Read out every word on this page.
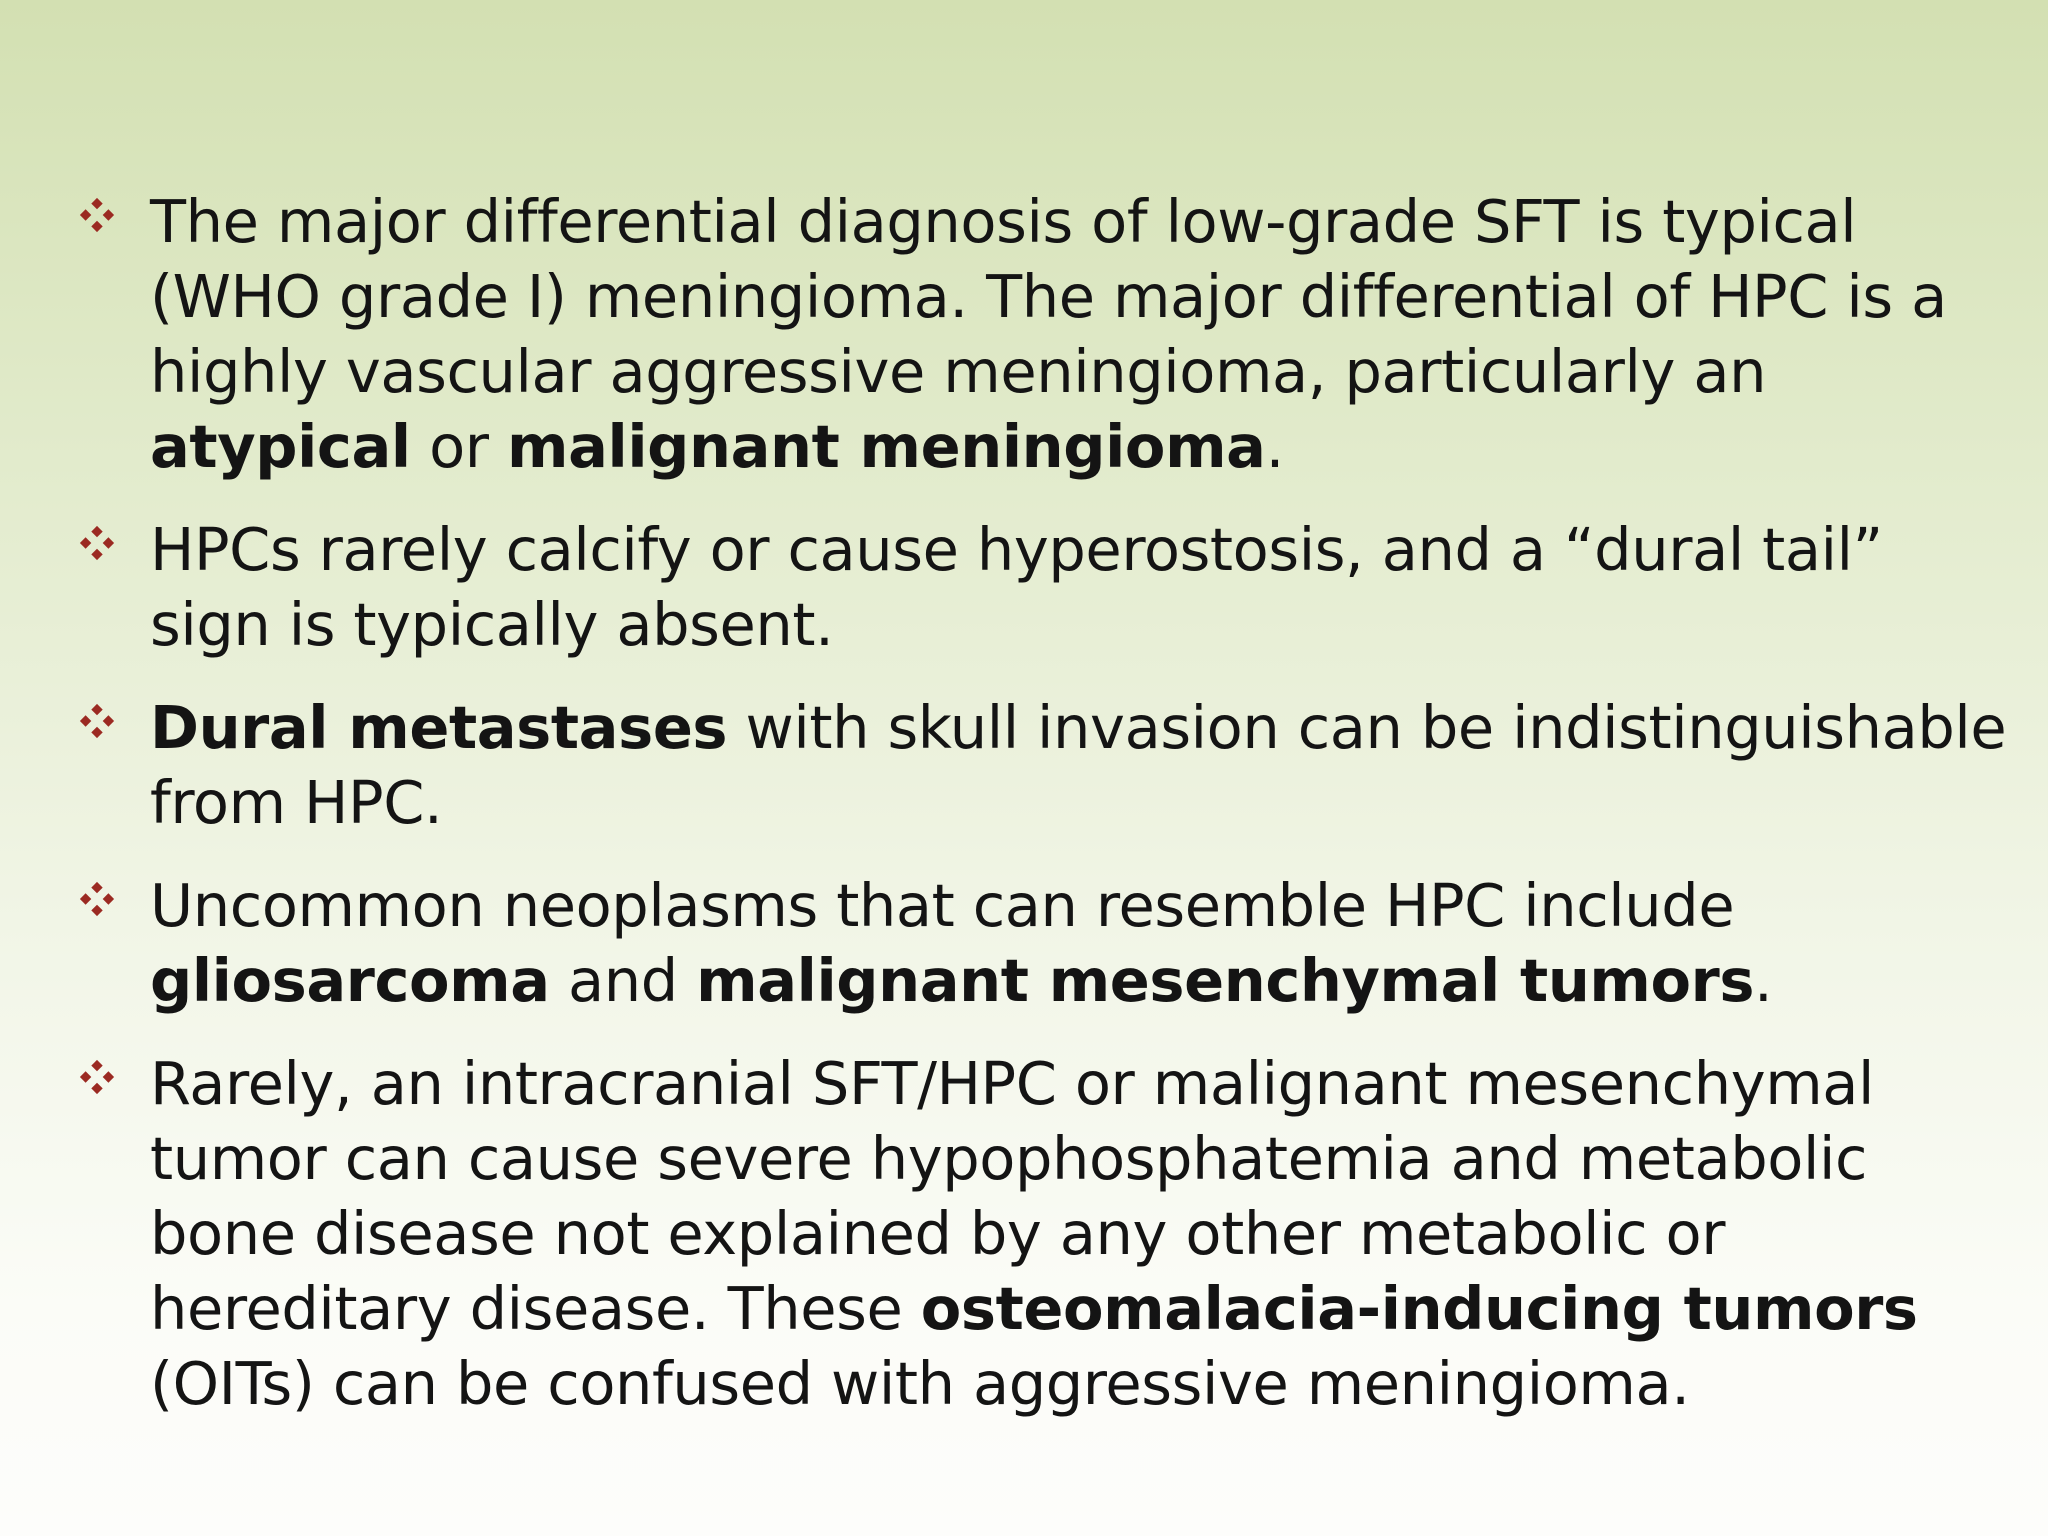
The major differential diagnosis of low-grade SFT is typical (WHO grade I) meningioma. The major differential of HPC is a highly vascular aggressive meningioma, particularly an atypical or malignant meningioma.
HPCs rarely calcify or cause hyperostosis, and a “dural tail” sign is typically absent.
Dural metastases with skull invasion can be indistinguishable from HPC.
Uncommon neoplasms that can resemble HPC include gliosarcoma and malignant mesenchymal tumors.
Rarely, an intracranial SFT/HPC or malignant mesenchymal tumor can cause severe hypophosphatemia and metabolic bone disease not explained by any other metabolic or hereditary disease. These osteomalacia-inducing tumors (OITs) can be confused with aggressive meningioma.
